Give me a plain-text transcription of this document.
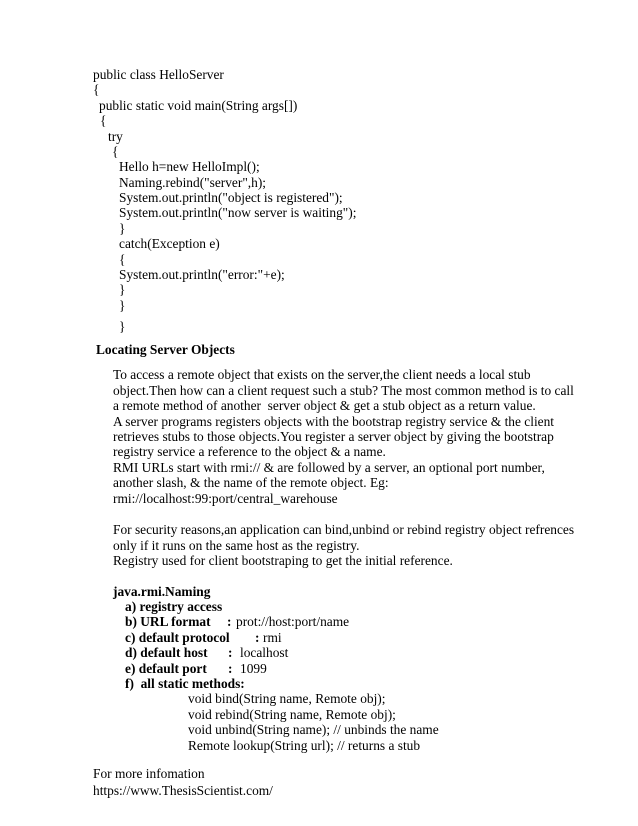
public class HelloServer
{
public static void main(String args[])
{
try
{
Hello h=new HelloImpl();
Naming.rebind("server",h);
System.out.println("object is registered");
System.out.println("now server is waiting");
}
catch(Exception e)
{
System.out.println("error:"+e);
}
}
}
Locating Server Objects
To access a remote object that exists on the server,the client needs a local stub
object.Then how can a client request such a stub? The most common method is to call
a remote method of another  server object & get a stub object as a return value.
A server programs registers objects with the bootstrap registry service & the client
retrieves stubs to those objects.You register a server object by giving the bootstrap
registry service a reference to the object & a name.
RMI URLs start with rmi:// & are followed by a server, an optional port number,
another slash, & the name of the remote object. Eg:
rmi://localhost:99:port/central_warehouse
For security reasons,an application can bind,unbind or rebind registry object refrences
only if it runs on the same host as the registry.
Registry used for client bootstraping to get the initial reference.
java.rmi.Naming
a) registry access
b) URL format : prot://host:port/name
c) default protocol : rmi
d) default host : localhost
e) default port : 1099
f)  all static methods:
void bind(String name, Remote obj);
void rebind(String name, Remote obj);
void unbind(String name); // unbinds the name
Remote lookup(String url); // returns a stub
For more infomation
https://www.ThesisScientist.com/
